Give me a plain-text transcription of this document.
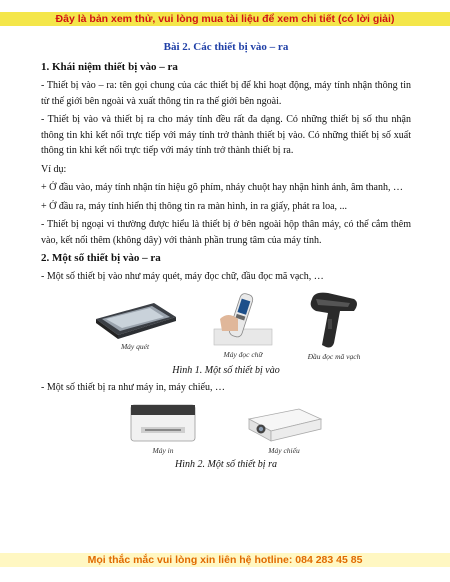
Đây là bản xem thử, vui lòng mua tài liệu để xem chi tiết (có lời giải)
Bài 2. Các thiết bị vào – ra
1. Khái niệm thiết bị vào – ra

- Thiết bị vào – ra: tên gọi chung của các thiết bị để khi hoạt động, máy tính nhận thông tin từ thế giới bên ngoài và xuất thông tin ra thế giới bên ngoài.

- Thiết bị vào và thiết bị ra cho máy tính đều rất đa dạng. Có những thiết bị số thu nhận thông tin khi kết nối trực tiếp với máy tính trở thành thiết bị vào. Có những thiết bị số xuất thông tin khi kết nối trực tiếp với máy tính trở thành thiết bị ra.

Ví dụ:

+ Ở đầu vào, máy tính nhận tín hiệu gõ phím, nháy chuột hay nhận hình ảnh, âm thanh, …

+ Ở đầu ra, máy tính hiển thị thông tin ra màn hình, in ra giấy, phát ra loa, ...

- Thiết bị ngoại vi thường được hiểu là thiết bị ở bên ngoài hộp thân máy, có thể cắm thêm vào, kết nối thêm (không dây) với thành phần trung tâm của máy tính.

2. Một số thiết bị vào – ra

- Một số thiết bị vào như máy quét, máy đọc chữ, đầu đọc mã vạch, …

Máy quét
Máy đọc chữ	Đầu đọc mã vạch
Hình 1. Một số thiết bị vào

- Một số thiết bị ra như máy in, máy chiếu, …

Máy in	Máy chiếu
Hình 2. Một số thiết bị ra
Mọi thắc mắc vui lòng xin liên hệ hotline: 084 283 45 85
